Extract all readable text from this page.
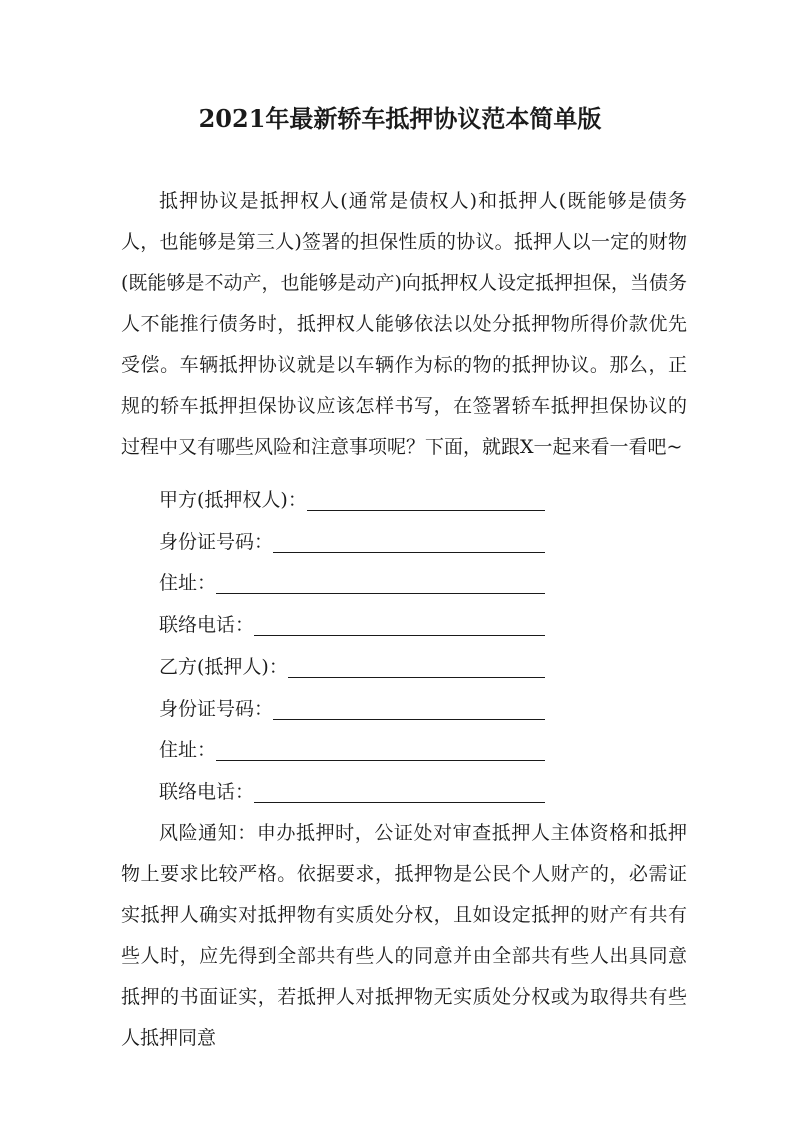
2021年最新轿车抵押协议范本简单版

抵押协议是抵押权人(通常是债权人)和抵押人(既能够是债务人，也能够是第三人)签署的担保性质的协议。抵押人以一定的财物(既能够是不动产，也能够是动产)向抵押权人设定抵押担保，当债务人不能推行债务时，抵押权人能够依法以处分抵押物所得价款优先受偿。车辆抵押协议就是以车辆作为标的物的抵押协议。那么，正规的轿车抵押担保协议应该怎样书写，在签署轿车抵押担保协议的过程中又有哪些风险和注意事项呢？下面，就跟X一起来看一看吧~

甲方(抵押权人)：
身份证号码：
住址：
联络电话：
乙方(抵押人)：
身份证号码：
住址：
联络电话：

风险通知：申办抵押时，公证处对审查抵押人主体资格和抵押物上要求比较严格。依据要求，抵押物是公民个人财产的，必需证实抵押人确实对抵押物有实质处分权，且如设定抵押的财产有共有些人时，应先得到全部共有些人的同意并由全部共有些人出具同意抵押的书面证实，若抵押人对抵押物无实质处分权或为取得共有些人抵押同意
